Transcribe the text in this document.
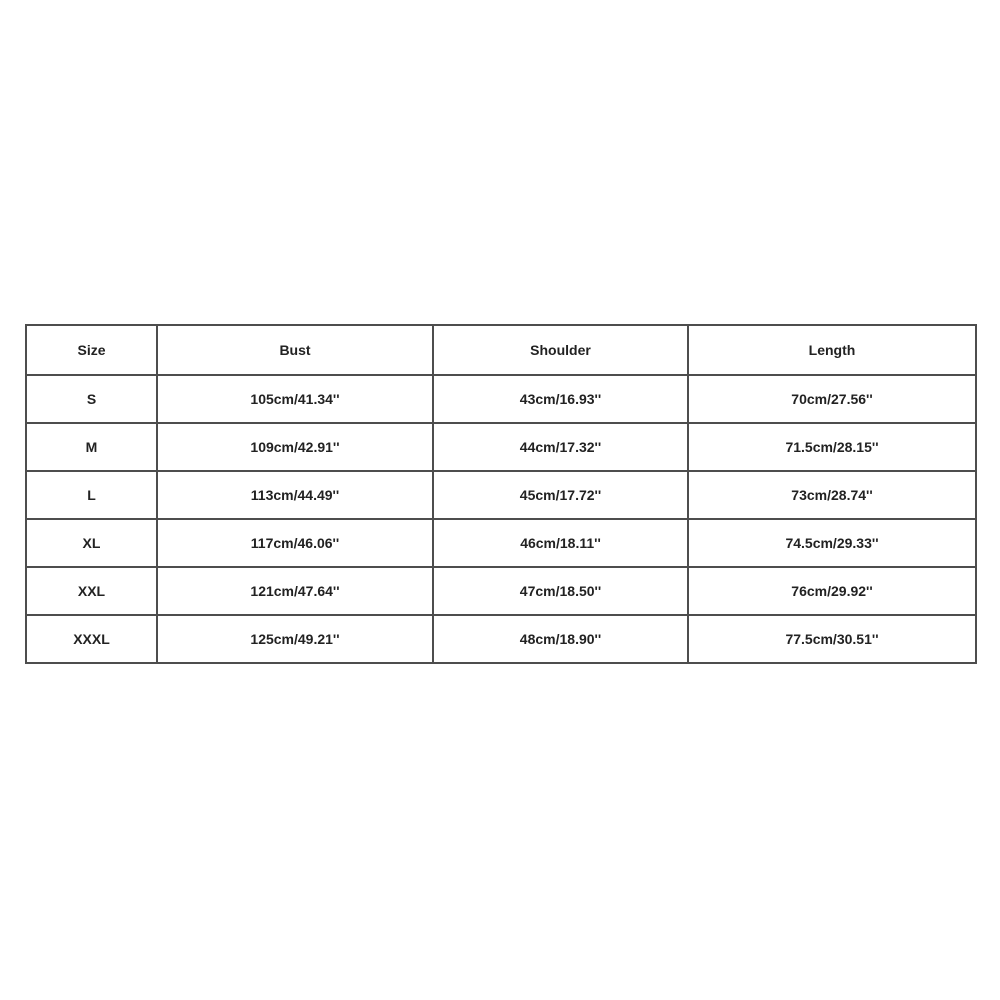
Size	Bust	Shoulder	Length
S	105cm/41.34''	43cm/16.93''	70cm/27.56''
M	109cm/42.91''	44cm/17.32''	71.5cm/28.15''
L	113cm/44.49''	45cm/17.72''	73cm/28.74''
XL	117cm/46.06''	46cm/18.11''	74.5cm/29.33''
XXL	121cm/47.64''	47cm/18.50''	76cm/29.92''
XXXL	125cm/49.21''	48cm/18.90''	77.5cm/30.51''
